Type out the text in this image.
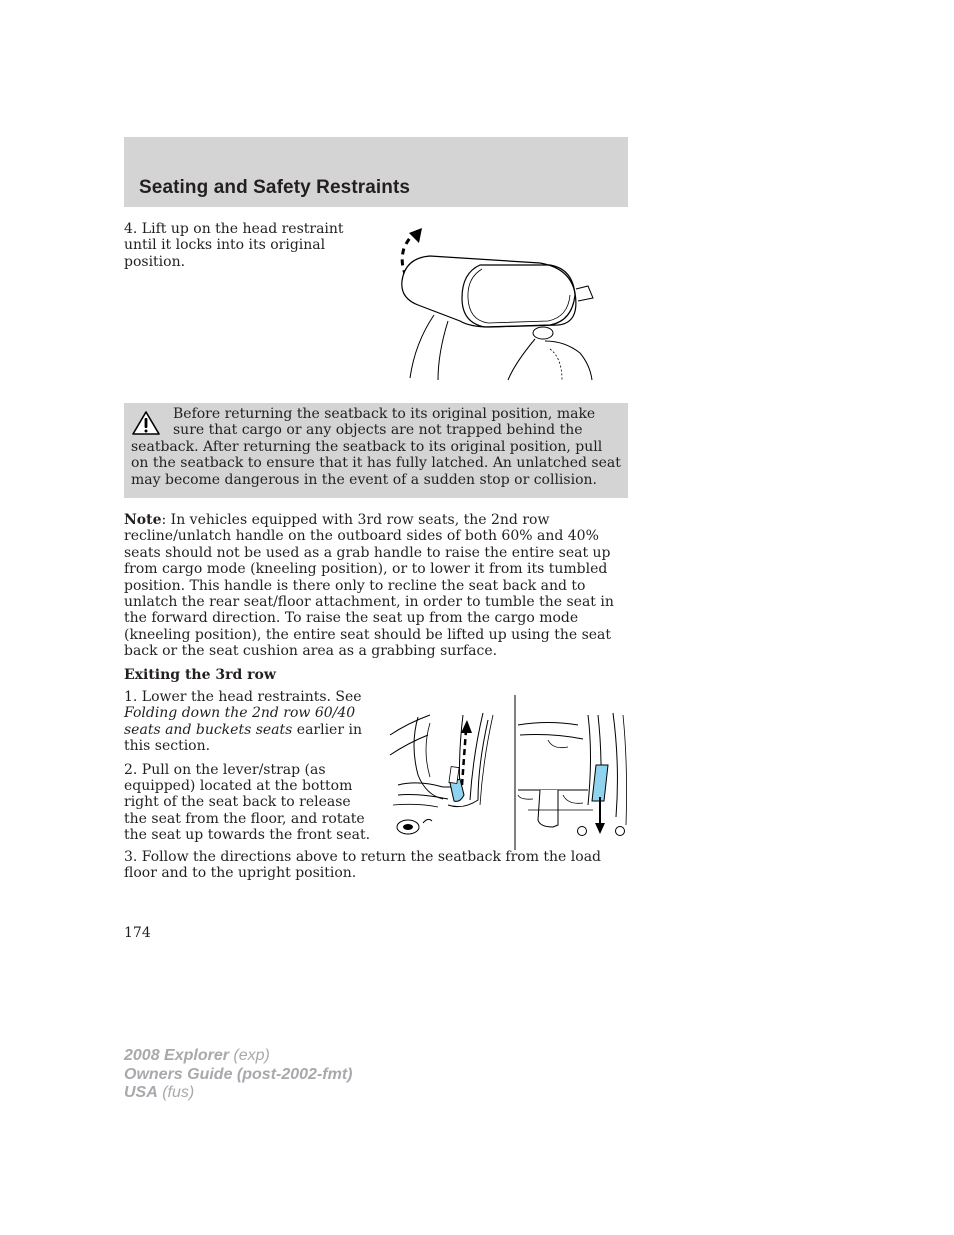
Seating and Safety Restraints
4. Lift up on the head restraint until it locks into its original position.
Before returning the seatback to its original position, make sure that cargo or any objects are not trapped behind the seatback. After returning the seatback to its original position, pull on the seatback to ensure that it has fully latched. An unlatched seat may become dangerous in the event of a sudden stop or collision.
Note: In vehicles equipped with 3rd row seats, the 2nd row recline/unlatch handle on the outboard sides of both 60% and 40% seats should not be used as a grab handle to raise the entire seat up from cargo mode (kneeling position), or to lower it from its tumbled position. This handle is there only to recline the seat back and to unlatch the rear seat/floor attachment, in order to tumble the seat in the forward direction. To raise the seat up from the cargo mode (kneeling position), the entire seat should be lifted up using the seat back or the seat cushion area as a grabbing surface.
Exiting the 3rd row

1. Lower the head restraints. See Folding down the 2nd row 60/40 seats and buckets seats earlier in this section.

2. Pull on the lever/strap (as equipped) located at the bottom right of the seat back to release the seat from the floor, and rotate the seat up towards the front seat.

3. Follow the directions above to return the seatback from the load floor and to the upright position.
174
2008 Explorer (exp)
Owners Guide (post-2002-fmt)
USA (fus)
